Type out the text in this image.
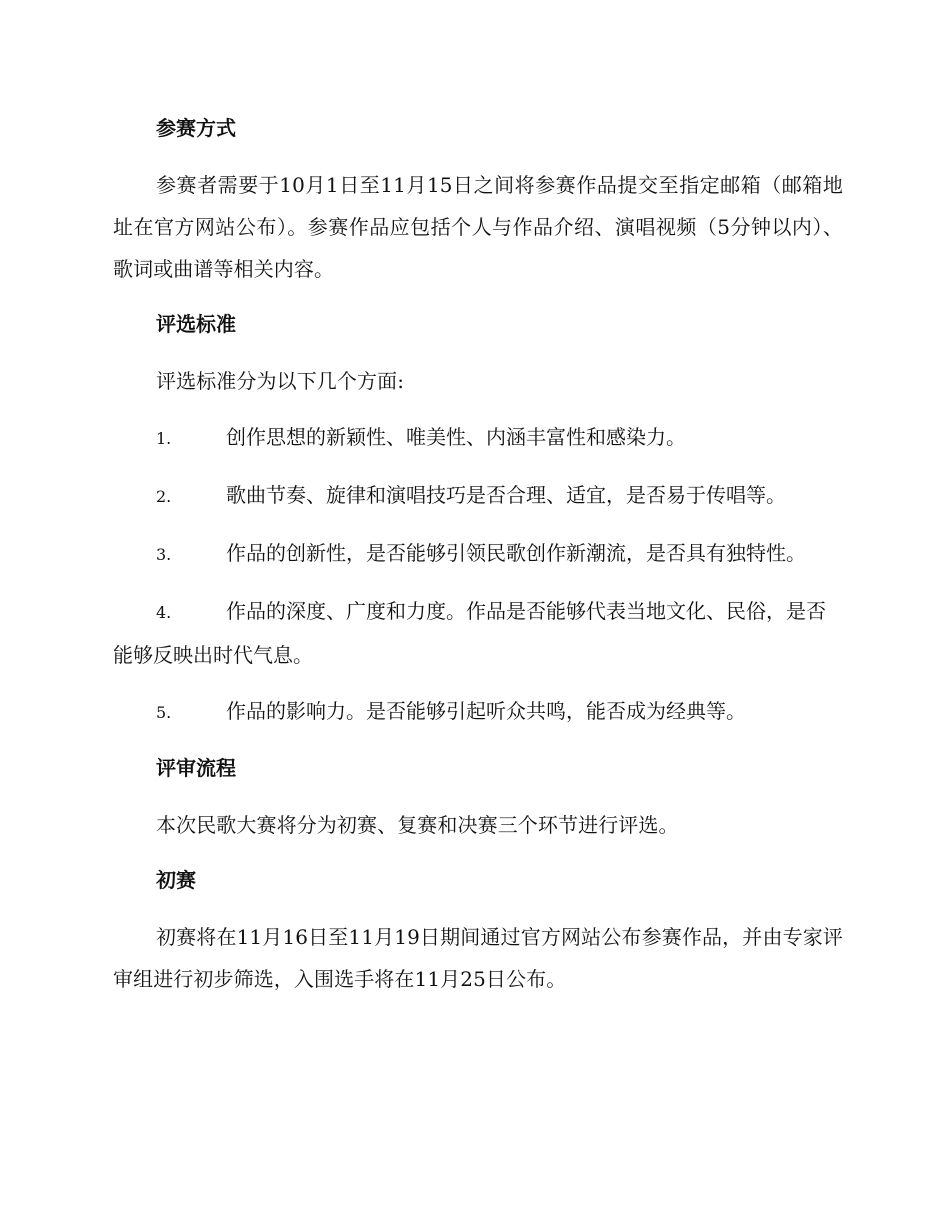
参赛方式

参赛者需要于10月1日至11月15日之间将参赛作品提交至指定邮箱（邮箱地址在官方网站公布）。参赛作品应包括个人与作品介绍、演唱视频（5分钟以内）、歌词或曲谱等相关内容。

评选标准

评选标准分为以下几个方面:

1.	创作思想的新颖性、唯美性、内涵丰富性和感染力。
2.	歌曲节奏、旋律和演唱技巧是否合理、适宜，是否易于传唱等。
3.	作品的创新性，是否能够引领民歌创作新潮流，是否具有独特性。
4.	作品的深度、广度和力度。作品是否能够代表当地文化、民俗，是否能够反映出时代气息。
5.	作品的影响力。是否能够引起听众共鸣，能否成为经典等。
评审流程

本次民歌大赛将分为初赛、复赛和决赛三个环节进行评选。

初赛

初赛将在11月16日至11月19日期间通过官方网站公布参赛作品，并由专家评审组进行初步筛选，入围选手将在11月25日公布。
